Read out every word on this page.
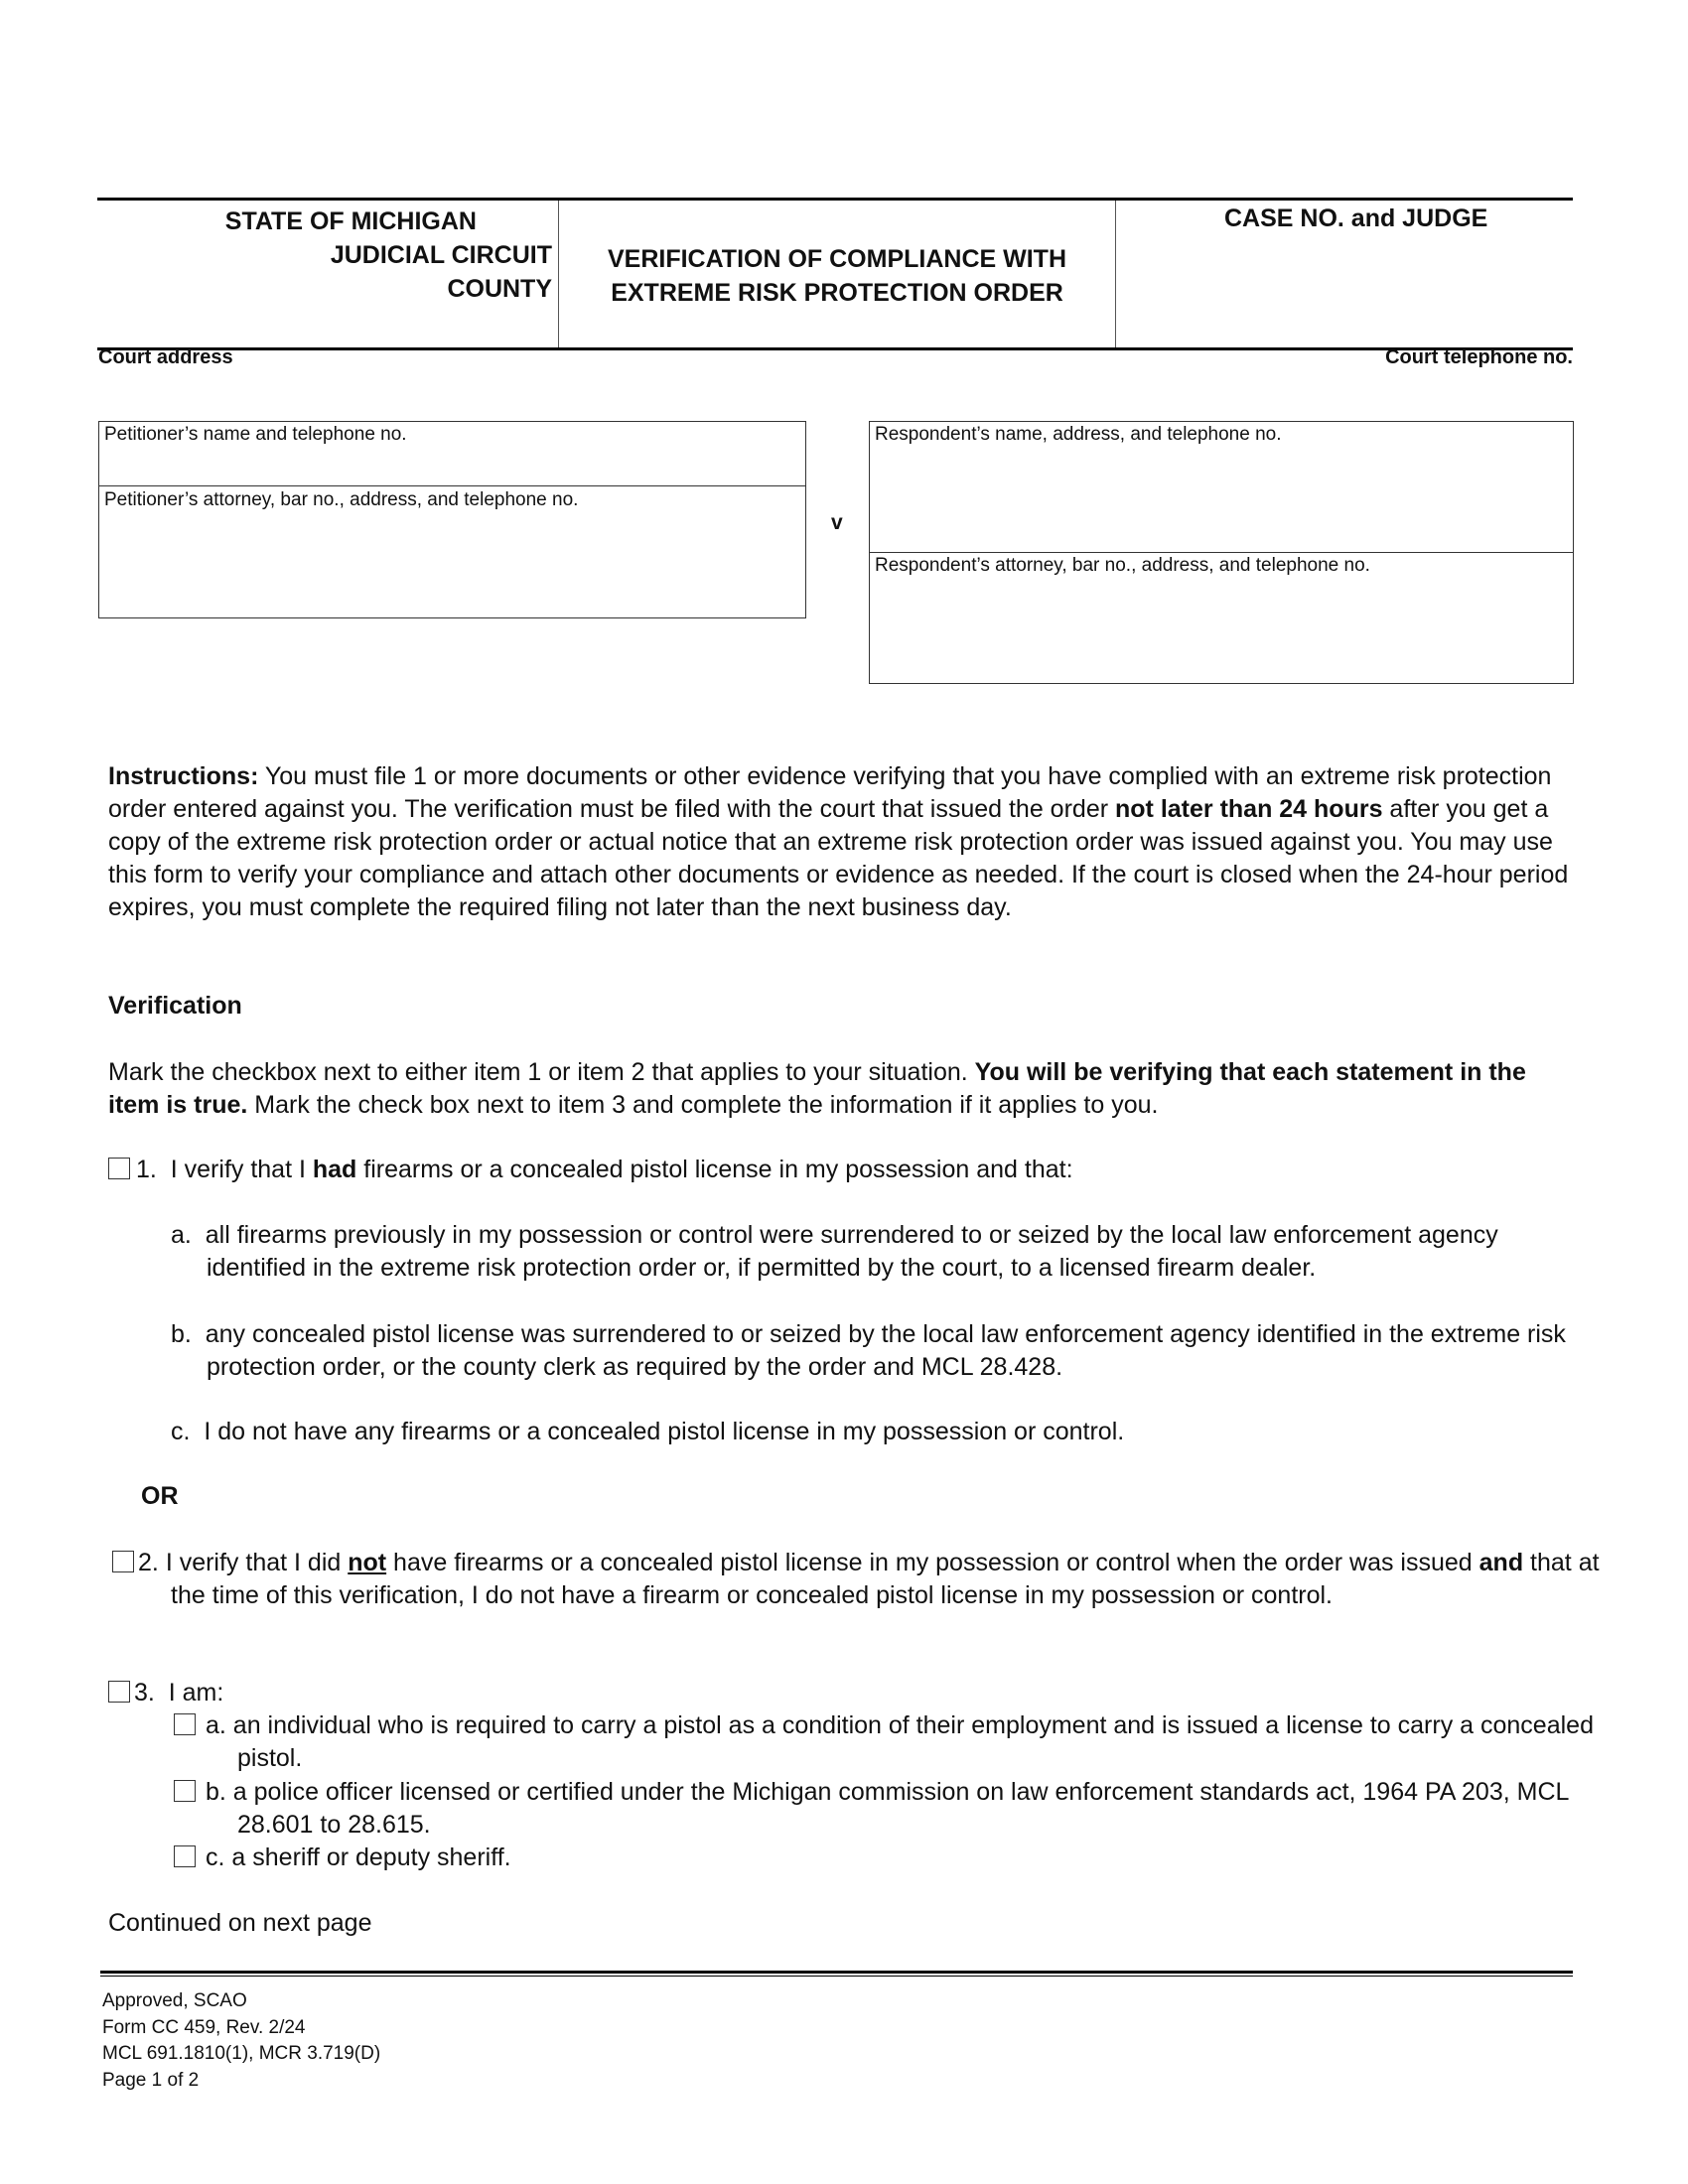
STATE OF MICHIGAN
JUDICIAL CIRCUIT
COUNTY
VERIFICATION OF COMPLIANCE WITH
EXTREME RISK PROTECTION ORDER
CASE NO. and JUDGE
Court address	Court telephone no.
Petitioner’s name and telephone no.
Petitioner’s attorney, bar no., address, and telephone no.
v
Respondent’s name, address, and telephone no.
Respondent’s attorney, bar no., address, and telephone no.
Instructions: You must file 1 or more documents or other evidence verifying that you have complied with an extreme risk protection order entered against you. The verification must be filed with the court that issued the order not later than 24 hours after you get a copy of the extreme risk protection order or actual notice that an extreme risk protection order was issued against you. You may use this form to verify your compliance and attach other documents or evidence as needed. If the court is closed when the 24-hour period expires, you must complete the required filing not later than the next business day.
Verification
Mark the checkbox next to either item 1 or item 2 that applies to your situation. You will be verifying that each statement in the item is true. Mark the check box next to item 3 and complete the information if it applies to you.
1. I verify that I had firearms or a concealed pistol license in my possession and that:
a.  all firearms previously in my possession or control were surrendered to or seized by the local law enforcement agency identified in the extreme risk protection order or, if permitted by the court, to a licensed firearm dealer.
b.  any concealed pistol license was surrendered to or seized by the local law enforcement agency identified in the extreme risk protection order, or the county clerk as required by the order and MCL 28.428.
c.  I do not have any firearms or a concealed pistol license in my possession or control.
OR
2. I verify that I did not have firearms or a concealed pistol license in my possession or control when the order was issued and that at the time of this verification, I do not have a firearm or concealed pistol license in my possession or control.
3. I am:
a. an individual who is required to carry a pistol as a condition of their employment and is issued a license to carry a concealed pistol.
b. a police officer licensed or certified under the Michigan commission on law enforcement standards act, 1964 PA 203, MCL 28.601 to 28.615.
c. a sheriff or deputy sheriff.
Continued on next page
Approved, SCAO
Form CC 459, Rev. 2/24
MCL 691.1810(1), MCR 3.719(D)
Page 1 of 2
